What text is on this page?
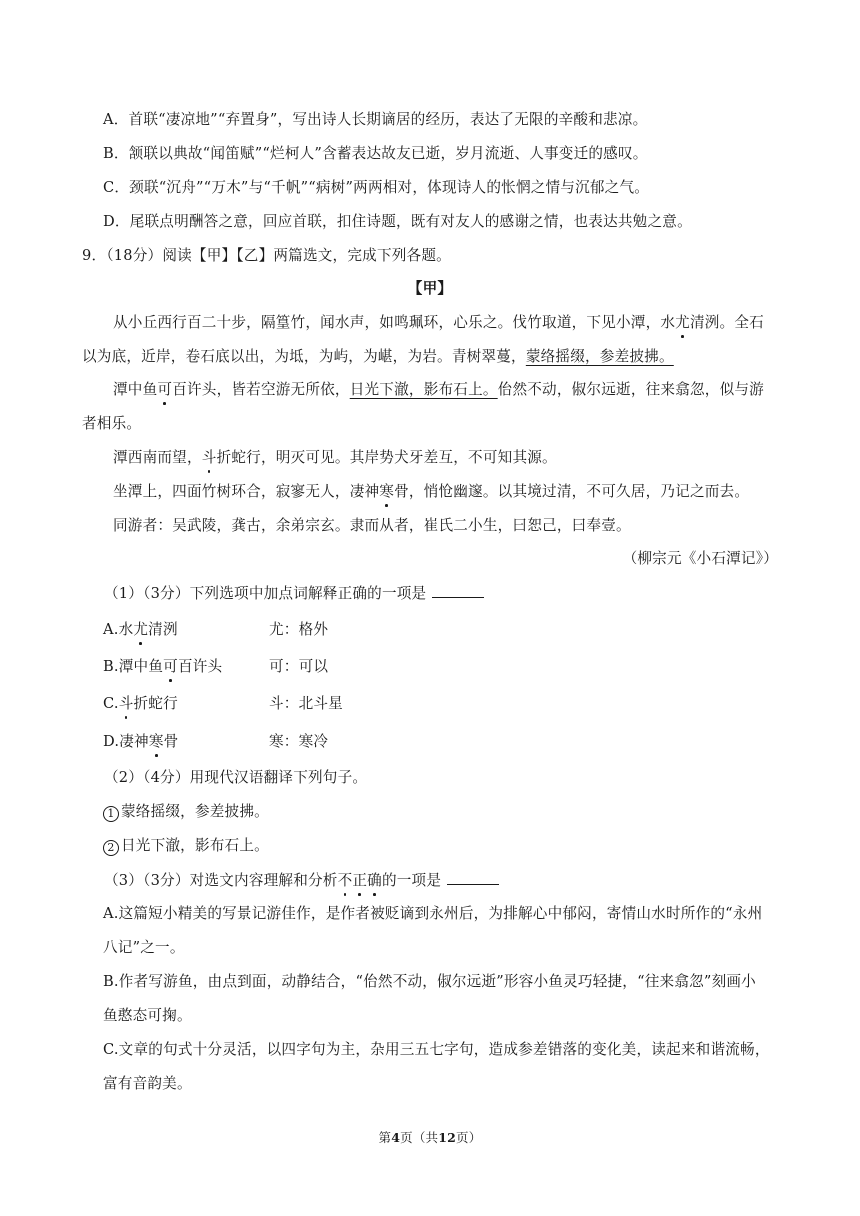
A．首联“凄凉地”“弃置身”，写出诗人长期谪居的经历，表达了无限的辛酸和悲凉。
B．颔联以典故“闻笛赋”“烂柯人”含蓄表达故友已逝，岁月流逝、人事变迁的感叹。
C．颈联“沉舟”“万木”与“千帆”“病树”两两相对，体现诗人的怅惘之情与沉郁之气。
D．尾联点明酬答之意，回应首联，扣住诗题，既有对友人的感谢之情，也表达共勉之意。
9．（18分）阅读【甲】【乙】两篇选文，完成下列各题。
【甲】
从小丘西行百二十步，隔篁竹，闻水声，如鸣珮环，心乐之。伐竹取道，下见小潭，水尤清洌。全石
以为底，近岸，卷石底以出，为坻，为屿，为嵁，为岩。青树翠蔓，蒙络摇缀，参差披拂。
潭中鱼可百许头，皆若空游无所依，日光下澈，影布石上。佁然不动，俶尔远逝，往来翕忽，似与游
者相乐。
潭西南而望，斗折蛇行，明灭可见。其岸势犬牙差互，不可知其源。
坐潭上，四面竹树环合，寂寥无人，凄神寒骨，悄怆幽邃。以其境过清，不可久居，乃记之而去。
同游者：吴武陵，龚古，余弟宗玄。隶而从者，崔氏二小生，曰恕己，曰奉壹。
（柳宗元《小石潭记》）
（1）（3分）下列选项中加点词解释正确的一项是
A.水尤清洌	尤：格外
B.潭中鱼可百许头	可：可以
C.斗折蛇行	斗：北斗星
D.凄神寒骨	寒：寒冷
（2）（4分）用现代汉语翻译下列句子。
1 蒙络摇缀，参差披拂。
2 日光下澈，影布石上。
（3）（3分）对选文内容理解和分析不正确的一项是
A.这篇短小精美的写景记游佳作，是作者被贬谪到永州后，为排解心中郁闷，寄情山水时所作的“永州
八记”之一。
B.作者写游鱼，由点到面，动静结合，“佁然不动，俶尔远逝”形容小鱼灵巧轻捷，“往来翕忽”刻画小
鱼憨态可掬。
C.文章的句式十分灵活，以四字句为主，杂用三五七字句，造成参差错落的变化美，读起来和谐流畅，
富有音韵美。
第4页（共12页）
